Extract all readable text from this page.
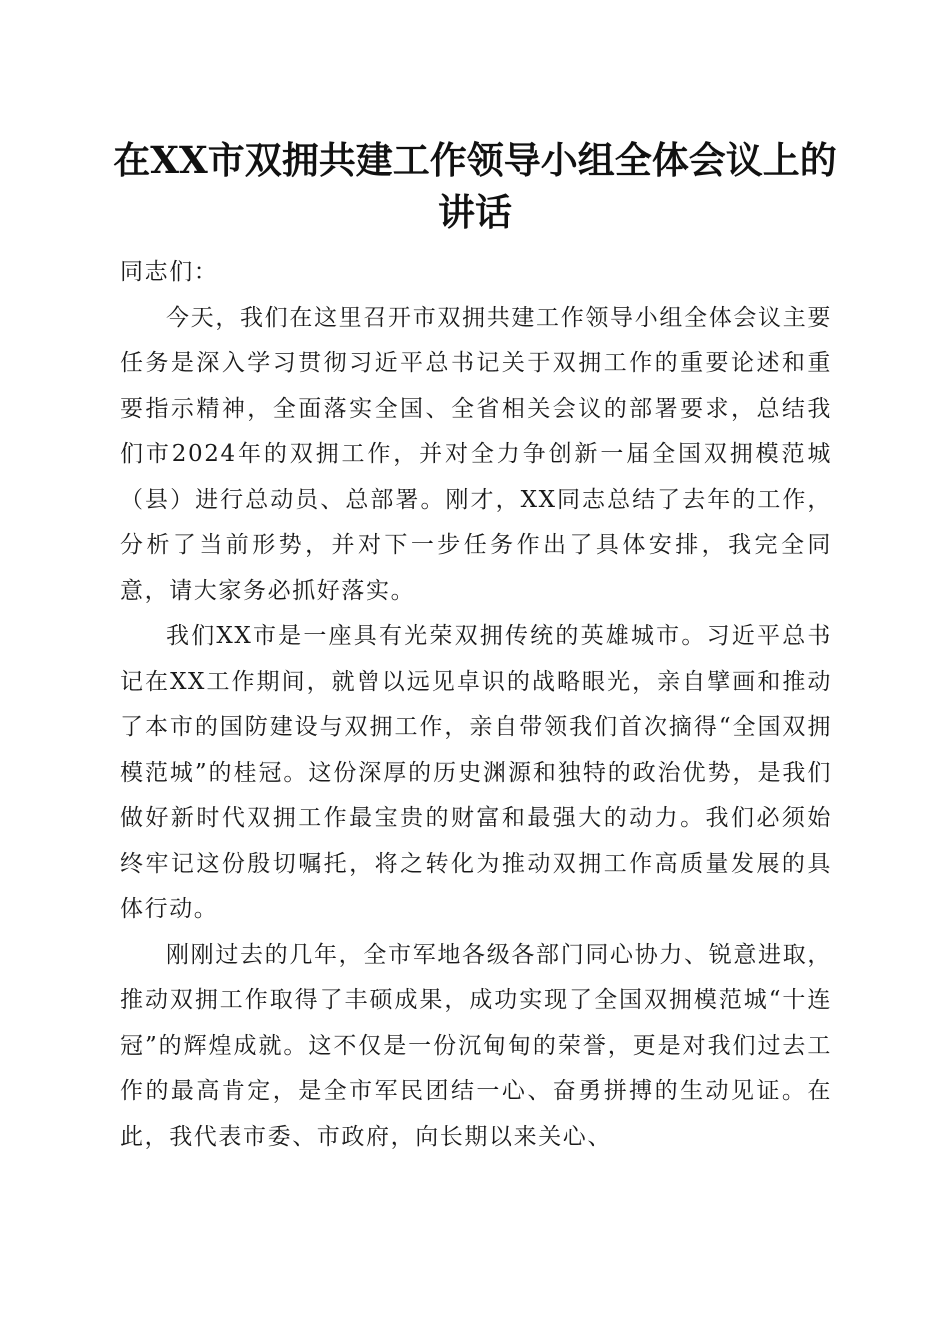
在XX市双拥共建工作领导小组全体会议上的
讲话

同志们：

今天，我们在这里召开市双拥共建工作领导小组全体会议主要任务是深入学习贯彻习近平总书记关于双拥工作的重要论述和重要指示精神，全面落实全国、全省相关会议的部署要求，总结我们市2024年的双拥工作，并对全力争创新一届全国双拥模范城（县）进行总动员、总部署。刚才，XX同志总结了去年的工作，分析了当前形势，并对下一步任务作出了具体安排，我完全同意，请大家务必抓好落实。

我们XX市是一座具有光荣双拥传统的英雄城市。习近平总书记在XX工作期间，就曾以远见卓识的战略眼光，亲自擘画和推动了本市的国防建设与双拥工作，亲自带领我们首次摘得“全国双拥模范城”的桂冠。这份深厚的历史渊源和独特的政治优势，是我们做好新时代双拥工作最宝贵的财富和最强大的动力。我们必须始终牢记这份殷切嘱托，将之转化为推动双拥工作高质量发展的具体行动。

刚刚过去的几年，全市军地各级各部门同心协力、锐意进取，推动双拥工作取得了丰硕成果，成功实现了全国双拥模范城“十连冠”的辉煌成就。这不仅是一份沉甸甸的荣誉，更是对我们过去工作的最高肯定，是全市军民团结一心、奋勇拼搏的生动见证。在此，我代表市委、市政府，向长期以来关心、
